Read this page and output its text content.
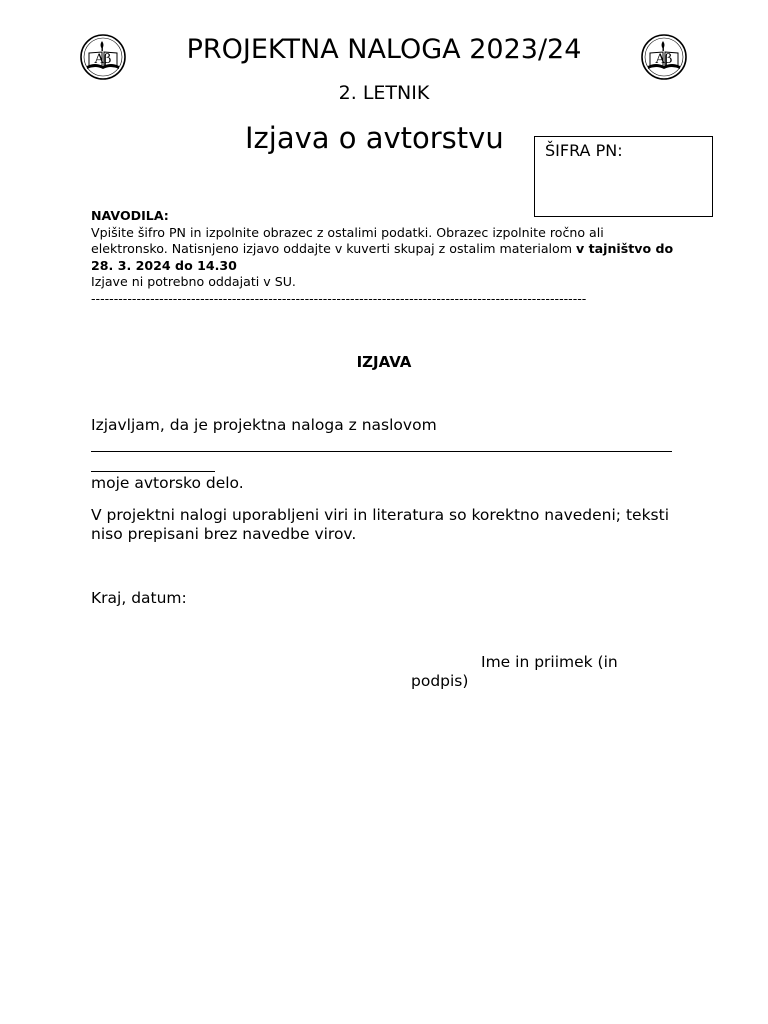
Aβ	Aβ
PROJEKTNA NALOGA 2023/24
2. LETNIK
Izjava o avtorstvu	ŠIFRA PN:
NAVODILA:
Vpišite šifro PN in izpolnite obrazec z ostalimi podatki. Obrazec izpolnite ročno ali elektronsko. Natisnjeno izjavo oddajte v kuverti skupaj z ostalim materialom v tajništvo do 28. 3. 2024 do 14.30
Izjave ni potrebno oddajati v SU.
-------------------------------------------------------------------------------------------------------------
IZJAVA
Izjavljam, da je projektna naloga z naslovom
moje avtorsko delo.
V projektni nalogi uporabljeni viri in literatura so korektno navedeni; teksti niso prepisani brez navedbe virov.
Kraj, datum:
Ime in priimek (in
podpis)
